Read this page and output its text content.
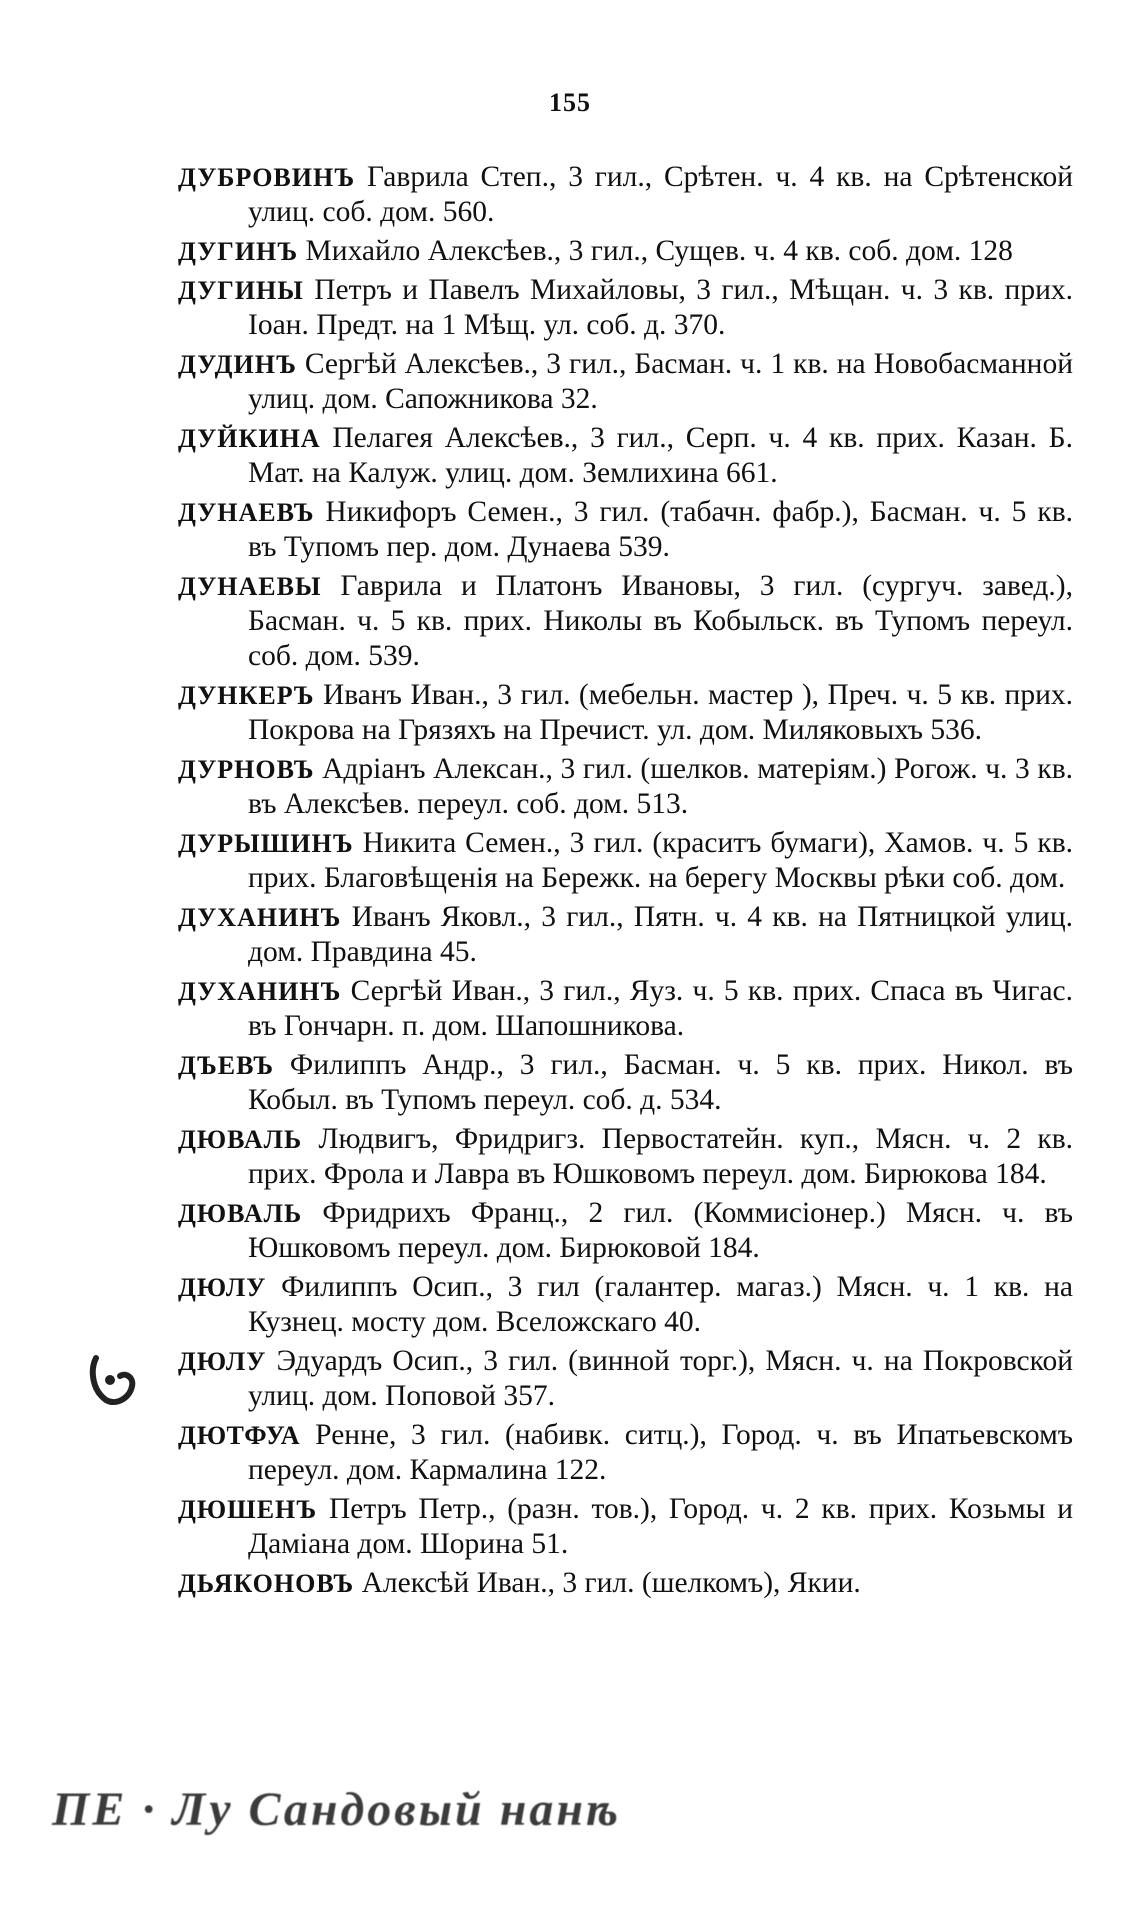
155
ДУБРОВИНЪ Гаврила Степ., 3 гил., Срѣтен. ч. 4 кв. на Срѣтенской улиц. соб. дом. 560.
ДУГИНЪ Михайло Алексѣев., 3 гил., Сущев. ч. 4 кв. соб. дом. 128
ДУГИНЫ Петръ и Павелъ Михайловы, 3 гил., Мѣщан. ч. 3 кв. прих. Іоан. Предт. на 1 Мѣщ. ул. соб. д. 370.
ДУДИНЪ Сергѣй Алексѣев., 3 гил., Басман. ч. 1 кв. на Новобасманной улиц. дом. Сапожникова 32.
ДУЙКИНА Пелагея Алексѣев., 3 гил., Серп. ч. 4 кв. прих. Казан. Б. Мат. на Калуж. улиц. дом. Землихина 661.
ДУНАЕВЪ Никифоръ Семен., 3 гил. (табачн. фабр.), Басман. ч. 5 кв. въ Тупомъ пер. дом. Дунаева 539.
ДУНАЕВЫ Гаврила и Платонъ Ивановы, 3 гил. (сургуч. завед.), Басман. ч. 5 кв. прих. Николы въ Кобыльск. въ Тупомъ переул. соб. дом. 539.
ДУНКЕРЪ Иванъ Иван., 3 гил. (мебельн. мастер ), Преч. ч. 5 кв. прих. Покрова на Грязяхъ на Пречист. ул. дом. Миляковыхъ 536.
ДУРНОВЪ Адріанъ Алексан., 3 гил. (шелков. матеріям.) Рогож. ч. 3 кв. въ Алексѣев. переул. соб. дом. 513.
ДУРЫШИНЪ Никита Семен., 3 гил. (краситъ бумаги), Хамов. ч. 5 кв. прих. Благовѣщенія на Бережк. на берегу Москвы рѣки соб. дом.
ДУХАНИНЪ Иванъ Яковл., 3 гил., Пятн. ч. 4 кв. на Пятницкой улиц. дом. Правдина 45.
ДУХАНИНЪ Сергѣй Иван., 3 гил., Яуз. ч. 5 кв. прих. Спаса въ Чигас. въ Гончарн. п. дом. Шапошникова.
ДЪЕВЪ Филиппъ Андр., 3 гил., Басман. ч. 5 кв. прих. Никол. въ Кобыл. въ Тупомъ переул. соб. д. 534.
ДЮВАЛЬ Людвигъ, Фридригз. Первостатейн. куп., Мясн. ч. 2 кв. прих. Фрола и Лавра въ Юшковомъ переул. дом. Бирюкова 184.
ДЮВАЛЬ Фридрихъ Франц., 2 гил. (Коммисіонер.) Мясн. ч. въ Юшковомъ переул. дом. Бирюковой 184.
ДЮЛУ Филиппъ Осип., 3 гил (галантер. магаз.) Мясн. ч. 1 кв. на Кузнец. мосту дом. Вселожскаго 40.
ДЮЛУ Эдуардъ Осип., 3 гил. (винной торг.), Мясн. ч. на Покровской улиц. дом. Поповой 357.
ДЮТФУА Ренне, 3 гил. (набивк. ситц.), Город. ч. въ Ипатьевскомъ переул. дом. Кармалина 122.
ДЮШЕНЪ Петръ Петр., (разн. тов.), Город. ч. 2 кв. прих. Козьмы и Даміана дом. Шорина 51.
ДЬЯКОНОВЪ Алексѣй Иван., 3 гил. (шелкомъ), Якии.
ПЕ · Лу Сандовый нанѣ
